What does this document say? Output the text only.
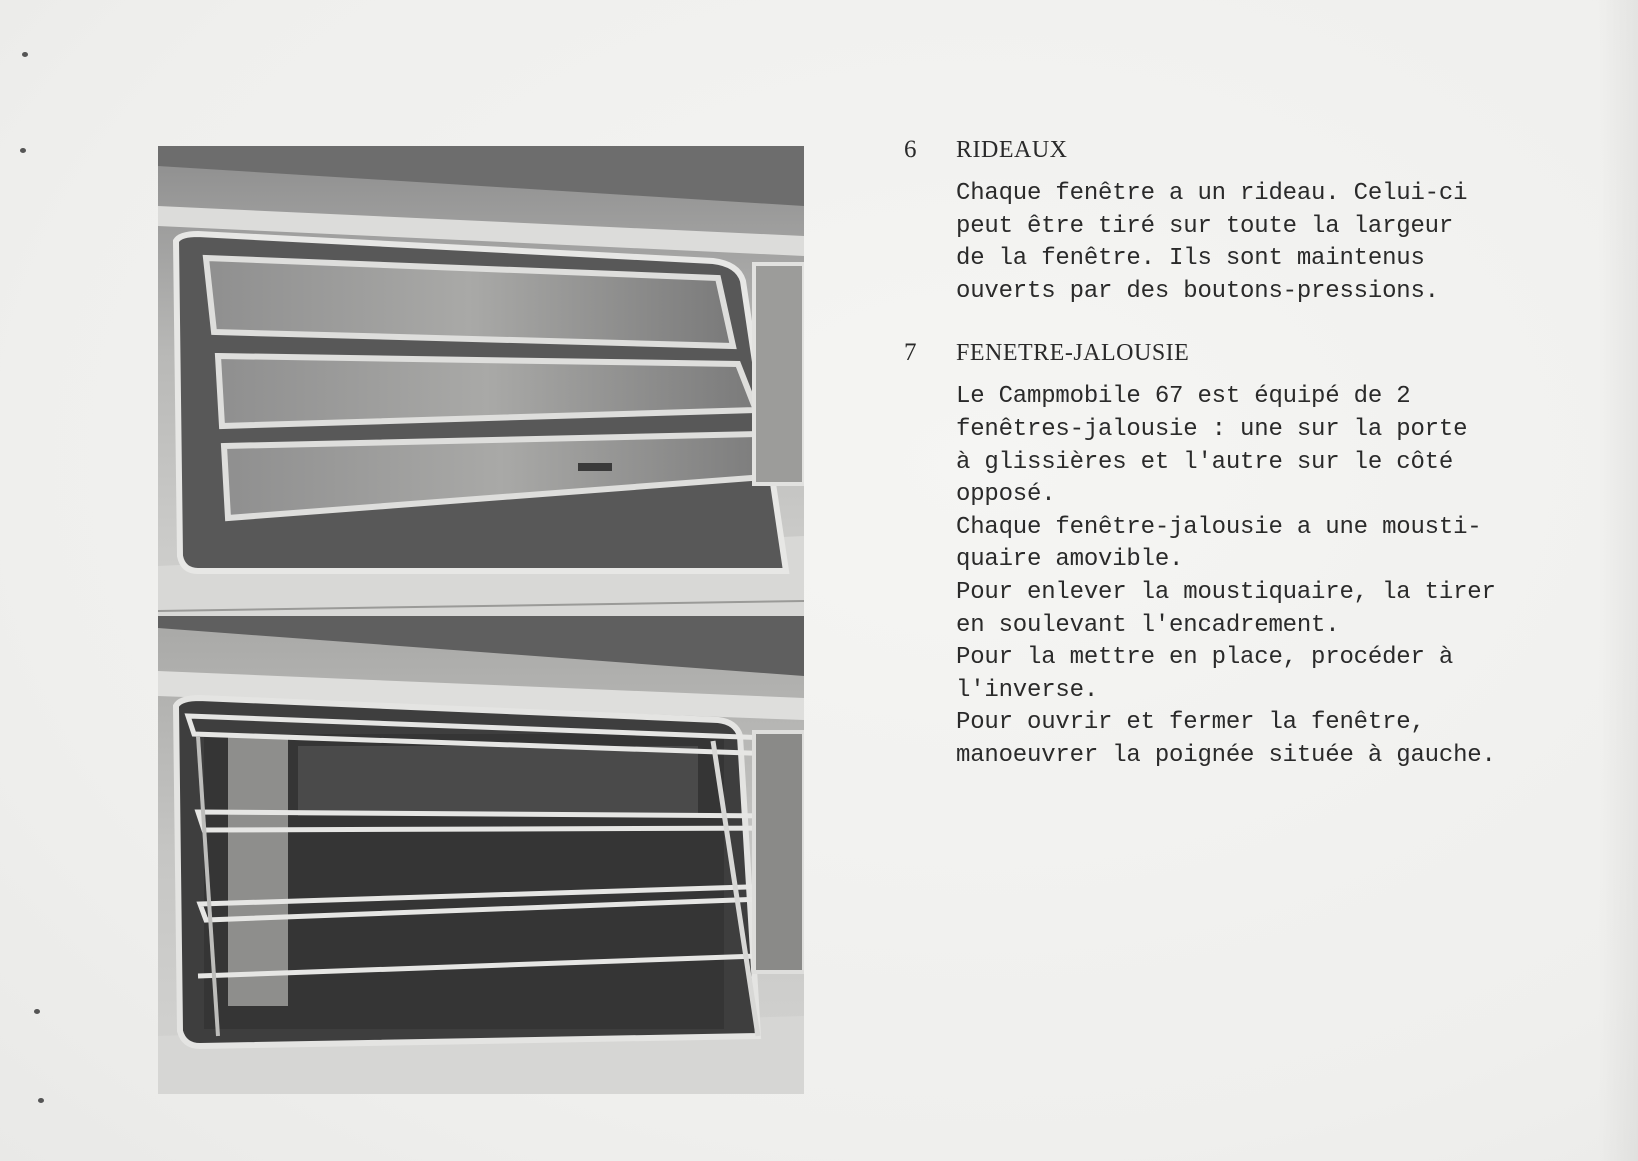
6	RIDEAUX
Chaque fenêtre a un rideau. Celui-ci
peut être tiré sur toute la largeur
de la fenêtre. Ils sont maintenus
ouverts par des boutons-pressions.
7	FENETRE-JALOUSIE
Le Campmobile 67 est équipé de 2
fenêtres-jalousie : une sur la porte
à glissières et l'autre sur le côté
opposé.
Chaque fenêtre-jalousie a une mousti-
quaire amovible.
Pour enlever la moustiquaire, la tirer
en soulevant l'encadrement.
Pour la mettre en place, procéder à
l'inverse.
Pour ouvrir et fermer la fenêtre,
manoeuvrer la poignée située à gauche.
